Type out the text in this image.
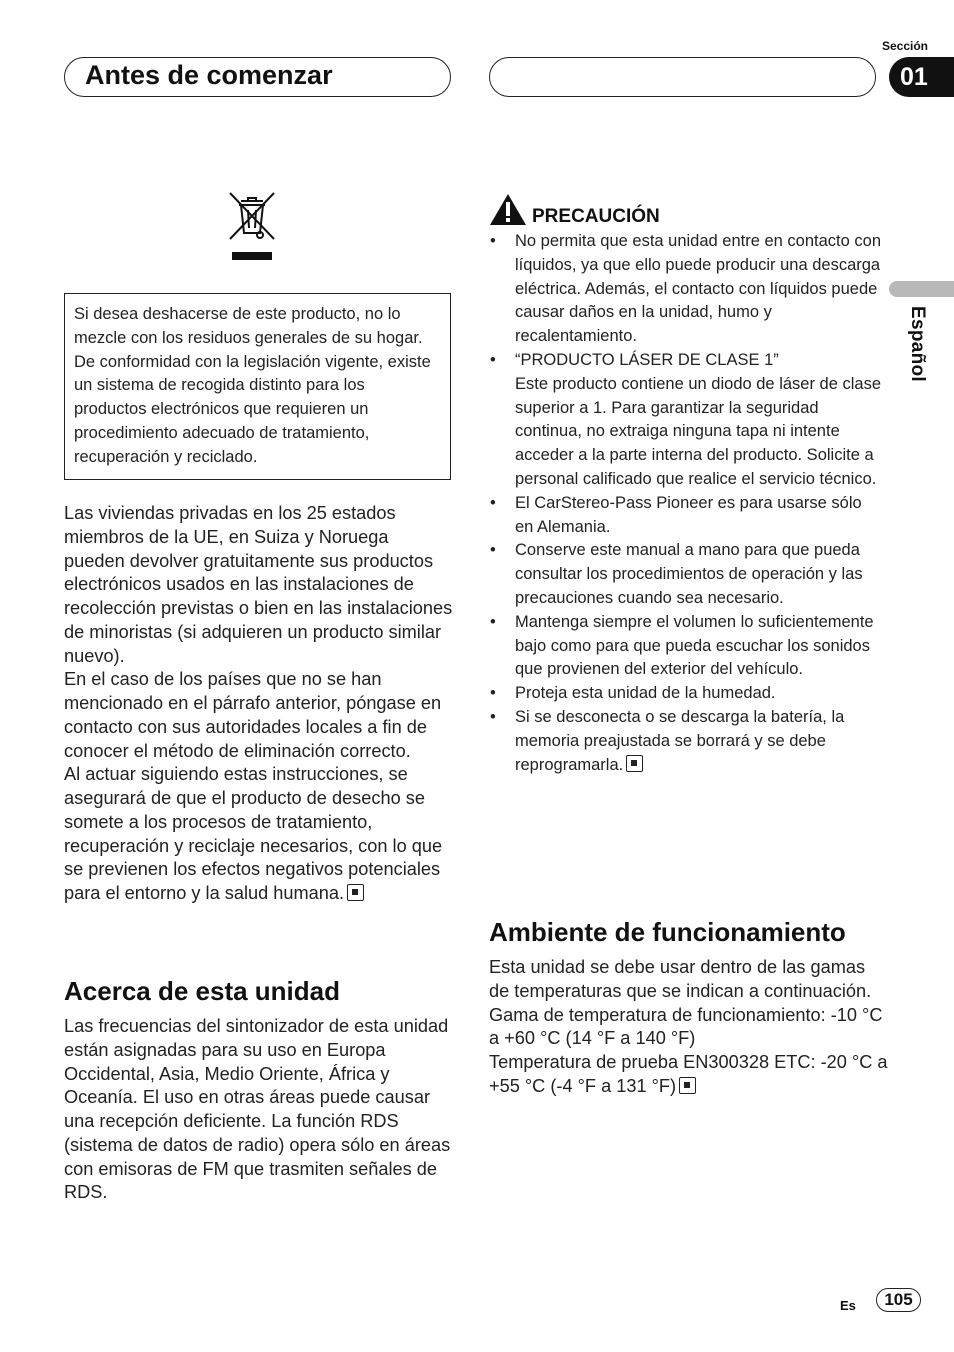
Antes de comenzar
Sección
01
Español

Si desea deshacerse de este producto, no lo mezcle con los residuos generales de su hogar. De conformidad con la legislación vigente, existe un sistema de recogida distinto para los productos electrónicos que requieren un procedimiento adecuado de tratamiento, recuperación y reciclado.

Las viviendas privadas en los 25 estados miembros de la UE, en Suiza y Noruega pueden devolver gratuitamente sus productos electrónicos usados en las instalaciones de recolección previstas o bien en las instalaciones de minoristas (si adquieren un producto similar nuevo).

En el caso de los países que no se han mencionado en el párrafo anterior, póngase en contacto con sus autoridades locales a fin de conocer el método de eliminación correcto.

Al actuar siguiendo estas instrucciones, se asegurará de que el producto de desecho se somete a los procesos de tratamiento, recuperación y reciclaje necesarios, con lo que se previenen los efectos negativos potenciales para el entorno y la salud humana.

Acerca de esta unidad
Las frecuencias del sintonizador de esta unidad están asignadas para su uso en Europa Occidental, Asia, Medio Oriente, África y Oceanía. El uso en otras áreas puede causar una recepción deficiente. La función RDS (sistema de datos de radio) opera sólo en áreas con emisoras de FM que trasmiten señales de RDS.
PRECAUCIÓN
• No permita que esta unidad entre en contacto con líquidos, ya que ello puede producir una descarga eléctrica. Además, el contacto con líquidos puede causar daños en la unidad, humo y recalentamiento.
• “PRODUCTO LÁSER DE CLASE 1”
Este producto contiene un diodo de láser de clase superior a 1. Para garantizar la seguridad continua, no extraiga ninguna tapa ni intente acceder a la parte interna del producto. Solicite a personal calificado que realice el servicio técnico.
• El CarStereo-Pass Pioneer es para usarse sólo en Alemania.
• Conserve este manual a mano para que pueda consultar los procedimientos de operación y las precauciones cuando sea necesario.
• Mantenga siempre el volumen lo suficientemente bajo como para que pueda escuchar los sonidos que provienen del exterior del vehículo.
• Proteja esta unidad de la humedad.
• Si se desconecta o se descarga la batería, la memoria preajustada se borrará y se debe reprogramarla.
Ambiente de funcionamiento

Esta unidad se debe usar dentro de las gamas de temperaturas que se indican a continuación.

Gama de temperatura de funcionamiento: -10 °C a +60 °C (14 °F a 140 °F)

Temperatura de prueba EN300328 ETC: -20 °C a +55 °C (-4 °F a 131 °F)

Es	105
